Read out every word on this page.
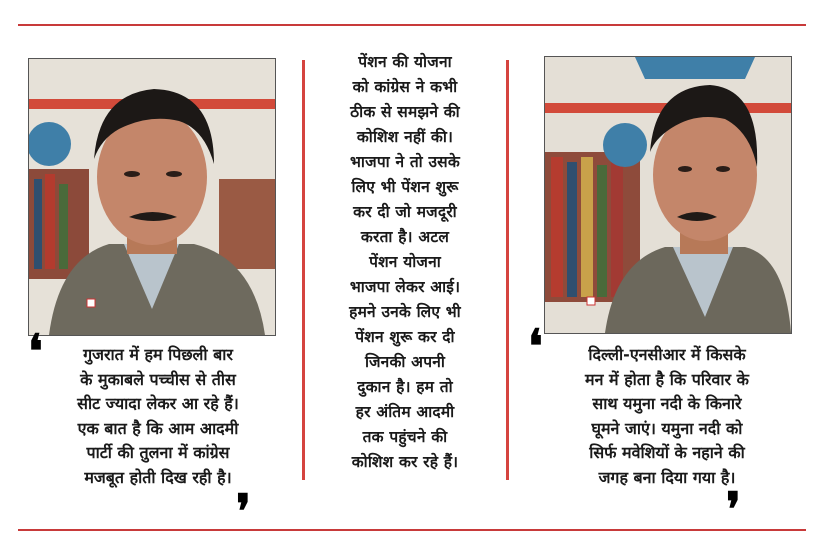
❛	गुजरात में हम पिछली बार
के मुकाबले पच्चीस से तीस
सीट ज्यादा लेकर आ रहे हैं।
एक बात है कि आम आदमी
पार्टी की तुलना में कांग्रेस
मजबूत होती दिख रही है।
❜
पेंशन की योजना
को कांग्रेस ने कभी
ठीक से समझने की
कोशिश नहीं की।
भाजपा ने तो उसके
लिए भी पेंशन शुरू
कर दी जो मजदूरी
करता है। अटल
पेंशन योजना
भाजपा लेकर आई।
हमने उनके लिए भी
पेंशन शुरू कर दी
जिनकी अपनी
दुकान है। हम तो
हर अंतिम आदमी
तक पहुंचने की
कोशिश कर रहे हैं।
❛	दिल्ली-एनसीआर में किसके
मन में होता है कि परिवार के
साथ यमुना नदी के किनारे
घूमने जाएं। यमुना नदी को
सिर्फ मवेशियों के नहाने की
जगह बना दिया गया है।
❜
